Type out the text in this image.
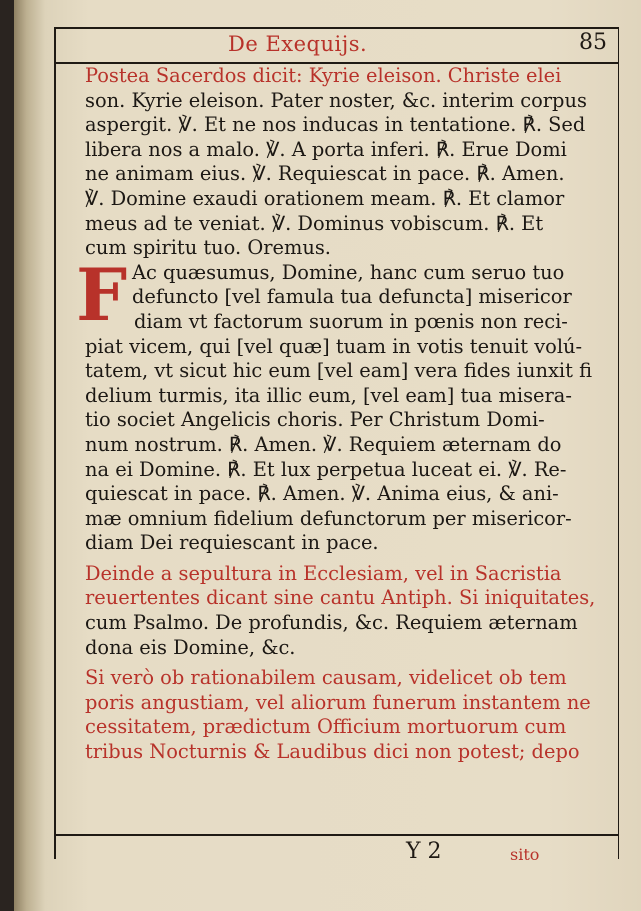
De Exequijs.	85
Postea Sacerdos dicit: Kyrie eleison. Christe elei
son. Kyrie eleison. Pater noster, &c. interim corpus
aspergit. ℣. Et ne nos inducas in tentatione. ℟. Sed
libera nos a malo. ℣. A porta inferi. ℟. Erue Domi
ne animam eius. ℣. Requiescat in pace. ℟. Amen.
℣. Domine exaudi orationem meam. ℟. Et clamor
meus ad te veniat. ℣. Dominus vobiscum. ℟. Et
cum spiritu tuo. Oremus.
F Ac quæsumus, Domine, hanc cum seruo tuo
defuncto [vel famula tua defuncta] misericor
diam vt factorum suorum in pœnis non reci-
piat vicem, qui [vel quæ] tuam in votis tenuit volú-
tatem, vt sicut hic eum [vel eam] vera fides iunxit fi
delium turmis, ita illic eum, [vel eam] tua misera-
tio societ Angelicis choris. Per Christum Domi-
num nostrum. ℟. Amen. ℣. Requiem æternam do
na ei Domine. ℟. Et lux perpetua luceat ei. ℣. Re-
quiescat in pace. ℟. Amen. ℣. Anima eius, & ani-
mæ omnium fidelium defunctorum per misericor-
diam Dei requiescant in pace.
Deinde a sepultura in Ecclesiam, vel in Sacristia
reuertentes dicant sine cantu Antiph. Si iniquitates,
cum Psalmo. De profundis, &c. Requiem æternam
dona eis Domine, &c.
Si verò ob rationabilem causam, videlicet ob tem
poris angustiam, vel aliorum funerum instantem ne
cessitatem, prædictum Officium mortuorum cum
tribus Nocturnis & Laudibus dici non potest; depo
Y 2	sito
